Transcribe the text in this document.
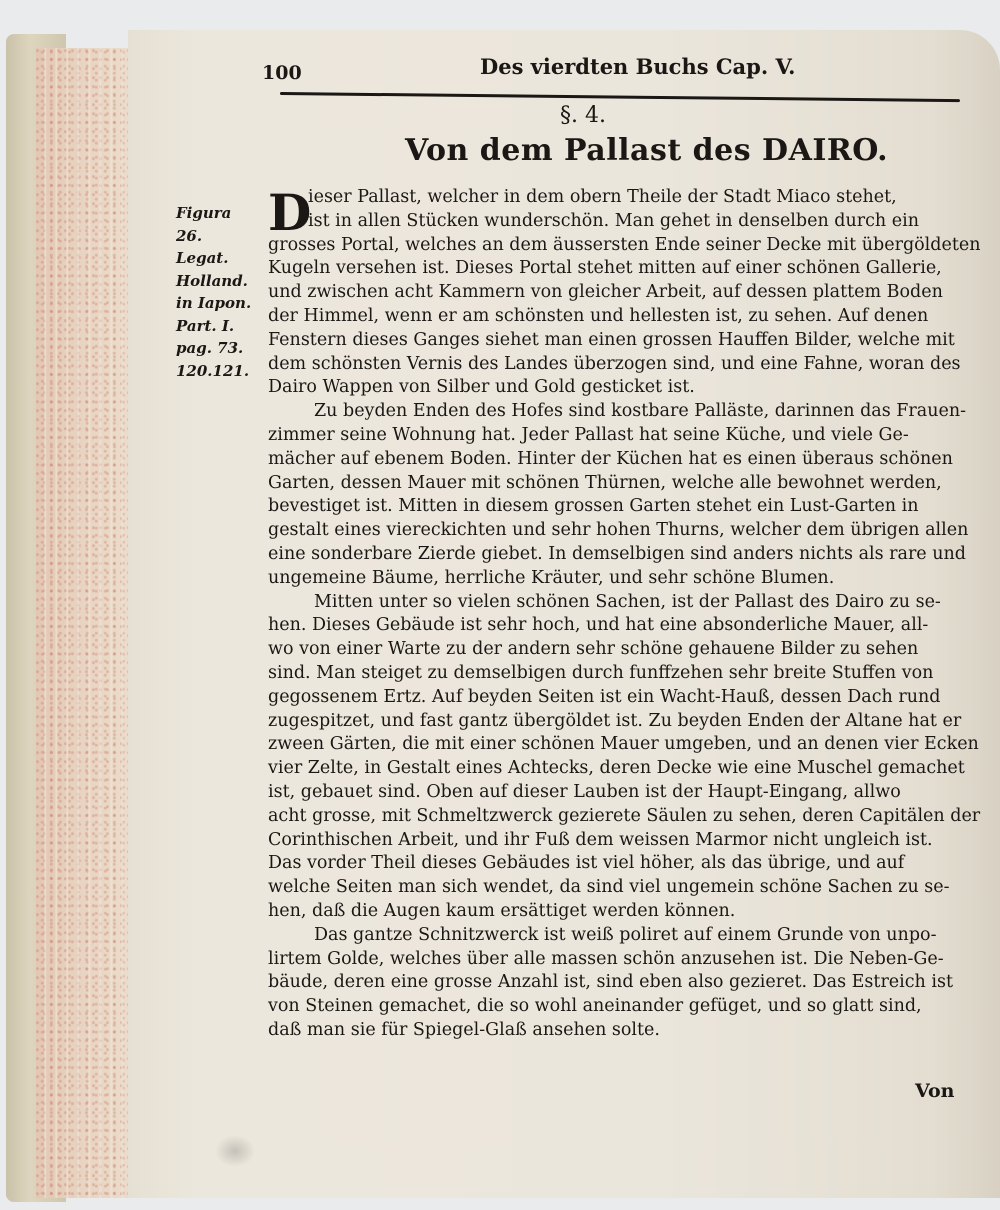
100	Des vierdten Buchs Cap. V.
§. 4.
Von dem Pallast des DAIRO.
Figura
26.
Legat.
Holland.
in Iapon.
Part. I.
pag. 73.
120.121.
D
ieser Pallast, welcher in dem obern Theile der Stadt Miaco stehet,
ist in allen Stücken wunderschön. Man gehet in denselben durch ein
grosses Portal, welches an dem äussersten Ende seiner Decke mit übergöldeten
Kugeln versehen ist. Dieses Portal stehet mitten auf einer schönen Gallerie,
und zwischen acht Kammern von gleicher Arbeit, auf dessen plattem Boden
der Himmel, wenn er am schönsten und hellesten ist, zu sehen. Auf denen
Fenstern dieses Ganges siehet man einen grossen Hauffen Bilder, welche mit
dem schönsten Vernis des Landes überzogen sind, und eine Fahne, woran des
Dairo Wappen von Silber und Gold gesticket ist.
Zu beyden Enden des Hofes sind kostbare Palläste, darinnen das Frauen-
zimmer seine Wohnung hat. Jeder Pallast hat seine Küche, und viele Ge-
mächer auf ebenem Boden. Hinter der Küchen hat es einen überaus schönen
Garten, dessen Mauer mit schönen Thürnen, welche alle bewohnet werden,
bevestiget ist. Mitten in diesem grossen Garten stehet ein Lust-Garten in
gestalt eines viereckichten und sehr hohen Thurns, welcher dem übrigen allen
eine sonderbare Zierde giebet. In demselbigen sind anders nichts als rare und
ungemeine Bäume, herrliche Kräuter, und sehr schöne Blumen.
Mitten unter so vielen schönen Sachen, ist der Pallast des Dairo zu se-
hen. Dieses Gebäude ist sehr hoch, und hat eine absonderliche Mauer, all-
wo von einer Warte zu der andern sehr schöne gehauene Bilder zu sehen
sind. Man steiget zu demselbigen durch funffzehen sehr breite Stuffen von
gegossenem Ertz. Auf beyden Seiten ist ein Wacht-Hauß, dessen Dach rund
zugespitzet, und fast gantz übergöldet ist. Zu beyden Enden der Altane hat er
zween Gärten, die mit einer schönen Mauer umgeben, und an denen vier Ecken
vier Zelte, in Gestalt eines Achtecks, deren Decke wie eine Muschel gemachet
ist, gebauet sind. Oben auf dieser Lauben ist der Haupt-Eingang, allwo
acht grosse, mit Schmeltzwerck gezierete Säulen zu sehen, deren Capitälen der
Corinthischen Arbeit, und ihr Fuß dem weissen Marmor nicht ungleich ist.
Das vorder Theil dieses Gebäudes ist viel höher, als das übrige, und auf
welche Seiten man sich wendet, da sind viel ungemein schöne Sachen zu se-
hen, daß die Augen kaum ersättiget werden können.
Das gantze Schnitzwerck ist weiß poliret auf einem Grunde von unpo-
lirtem Golde, welches über alle massen schön anzusehen ist. Die Neben-Ge-
bäude, deren eine grosse Anzahl ist, sind eben also gezieret. Das Estreich ist
von Steinen gemachet, die so wohl aneinander gefüget, und so glatt sind,
daß man sie für Spiegel-Glaß ansehen solte.
Von
